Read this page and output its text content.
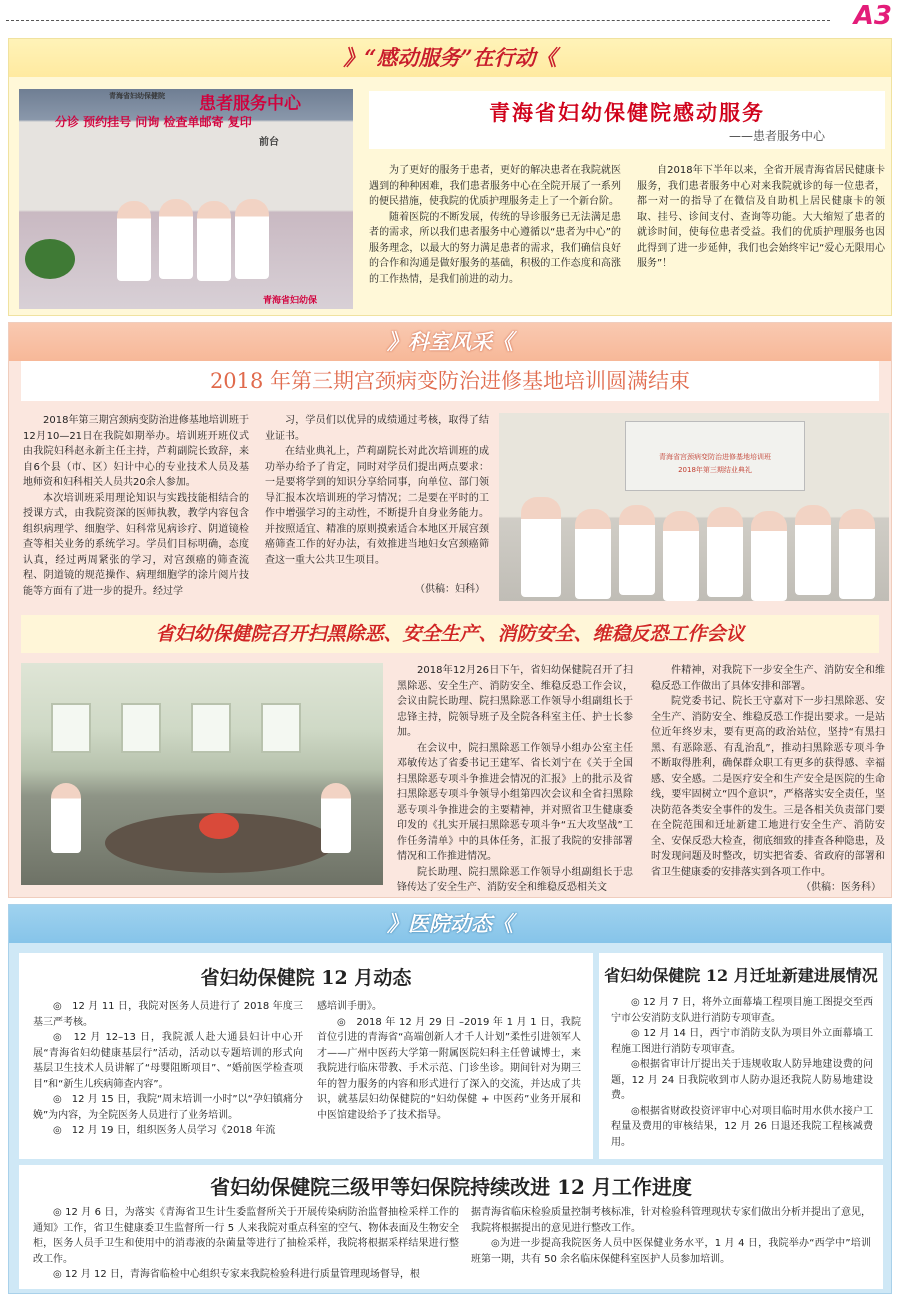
A3
》“感动服务”在行动《
青海省妇幼保健院 患者服务中心
分诊 预约挂号 问询 检查单邮寄 复印
前台
青海省妇幼保
青海省妇幼保健院感动服务
——患者服务中心

为了更好的服务于患者，更好的解决患者在我院就医遇到的种种困难，我们患者服务中心在全院开展了一系列的便民措施，使我院的优质护理服务走上了一个新台阶。

随着医院的不断发展，传统的导诊服务已无法满足患者的需求，所以我们患者服务中心遵循以“患者为中心”的服务理念，以最大的努力满足患者的需求，我们确信良好的合作和沟通是做好服务的基础，积极的工作态度和高涨的工作热情，是我们前进的动力。

自2018年下半年以来，全省开展青海省居民健康卡服务，我们患者服务中心对来我院就诊的每一位患者，都一对一的指导了在微信及自助机上居民健康卡的领取、挂号、诊间支付、查询等功能。大大缩短了患者的就诊时间，使每位患者受益。我们的优质护理服务也因此得到了进一步延伸，我们也会始终牢记“爱心无限用心服务”！

》科室风采《
2018 年第三期宫颈病变防治进修基地培训圆满结束

2018年第三期宫颈病变防治进修基地培训班于12月10—21日在我院如期举办。培训班开班仪式由我院妇科赵永新主任主持，芦莉副院长致辞，来自6个县（市、区）妇计中心的专业技术人员及基地师资和妇科相关人员共20余人参加。

本次培训班采用理论知识与实践技能相结合的授课方式，由我院资深的医师执教，教学内容包含组织病理学、细胞学、妇科常见病诊疗、阴道镜检查等相关业务的系统学习。学员们目标明确，态度认真，经过两周紧张的学习，对宫颈癌的筛查流程、阴道镜的规范操作、病理细胞学的涂片阅片技能等方面有了进一步的提升。经过学

习，学员们以优异的成绩通过考核，取得了结业证书。

在结业典礼上，芦莉副院长对此次培训班的成功举办给予了肯定，同时对学员们提出两点要求：一是要将学到的知识分享给同事，向单位、部门领导汇报本次培训班的学习情况；二是要在平时的工作中增强学习的主动性，不断提升自身业务能力。并按照适宜、精准的原则摸索适合本地区开展宫颈癌筛查工作的好办法，有效推进当地妇女宫颈癌筛查这一重大公共卫生项目。

（供稿：妇科）
青海省宫颈病变防治进修基地培训班
2018年第三期结业典礼
省妇幼保健院召开扫黑除恶、安全生产、消防安全、维稳反恐工作会议

2018年12月26日下午，省妇幼保健院召开了扫黑除恶、安全生产、消防安全、维稳反恐工作会议，会议由院长助理、院扫黑除恶工作领导小组副组长于忠锋主持，院领导班子及全院各科室主任、护士长参加。

在会议中，院扫黑除恶工作领导小组办公室主任邓敏传达了省委书记王建军、省长刘宁在《关于全国扫黑除恶专项斗争推进会情况的汇报》上的批示及省扫黑除恶专项斗争领导小组第四次会议和全省扫黑除恶专项斗争推进会的主要精神，并对照省卫生健康委印发的《扎实开展扫黑除恶专项斗争“五大攻坚战”工作任务清单》中的具体任务，汇报了我院的安排部署情况和工作推进情况。

院长助理、院扫黑除恶工作领导小组副组长于忠锋传达了安全生产、消防安全和维稳反恐相关文

件精神，对我院下一步安全生产、消防安全和维稳反恐工作做出了具体安排和部署。

院党委书记、院长王守嘉对下一步扫黑除恶、安全生产、消防安全、维稳反恐工作提出要求。一是站位近年终岁末，要有更高的政治站位，坚持“有黑扫黑、有恶除恶、有乱治乱”，推动扫黑除恶专项斗争不断取得胜利，确保群众职工有更多的获得感、幸福感、安全感。二是医疗安全和生产安全是医院的生命线，要牢固树立“四个意识”，严格落实安全责任，坚决防范各类安全事件的发生。三是各相关负责部门要在全院范围和迁址新建工地进行安全生产、消防安全、安保反恐大检查，彻底细致的排查各种隐患，及时发现问题及时整改，切实把省委、省政府的部署和省卫生健康委的安排落实到各项工作中。

（供稿：医务科）
》医院动态《
省妇幼保健院 12 月动态
◎　12 月 11 日，我院对医务人员进行了 2018 年度三基三严考核。
◎　12 月 12–13 日，我院派人赴大通县妇计中心开展“青海省妇幼健康基层行”活动，活动以专题培训的形式向基层卫生技术人员讲解了“母婴阻断项目”、“婚前医学检查项目”和“新生儿疾病筛查内容”。
◎　12 月 15 日，我院“周末培训一小时”以“孕妇镇痛分娩”为内容，为全院医务人员进行了业务培训。
◎　12 月 19 日，组织医务人员学习《2018 年流
感培训手册》。
◎　2018 年 12 月 29 日 –2019 年 1 月 1 日，我院首位引进的青海省“高端创新人才千人计划”柔性引进领军人才——广州中医药大学第一附属医院妇科主任曾诚博士，来我院进行临床带教、手术示范、门诊坐诊。期间针对为期三年的智力服务的内容和形式进行了深入的交流，并达成了共识，就基层妇幼保健院的“妇幼保健 + 中医药”业务开展和中医馆建设给予了技术指导。
省妇幼保健院 12 月迁址新建进展情况
◎ 12 月 7 日，将外立面幕墙工程项目施工图提交至西宁市公安消防支队进行消防专项审查。
◎ 12 月 14 日，西宁市消防支队为项目外立面幕墙工程施工图进行消防专项审查。
◎根据省审计厅提出关于违规收取人防异地建设费的问题，12 月 24 日我院收到市人防办退还我院人防易地建设费。
◎根据省财政投资评审中心对项目临时用水供水接户工程量及费用的审核结果，12 月 26 日退还我院工程核减费用。
省妇幼保健院三级甲等妇保院持续改进 12 月工作进度
◎ 12 月 6 日，为落实《青海省卫生计生委监督所关于开展传染病防治监督抽检采样工作的通知》工作，省卫生健康委卫生监督所一行 5 人来我院对重点科室的空气、物体表面及生物安全柜，医务人员手卫生和使用中的消毒液的杂菌量等进行了抽检采样，我院将根据采样结果进行整改工作。
◎ 12 月 12 日，青海省临检中心组织专家来我院检验科进行质量管理现场督导，根
据青海省临床检验质量控制考核标准，针对检验科管理现状专家们做出分析并提出了意见，我院将根据提出的意见进行整改工作。
◎为进一步提高我院医务人员中医保健业务水平，1 月 4 日，我院举办“西学中”培训班第一期，共有 50 余名临床保健科室医护人员参加培训。
